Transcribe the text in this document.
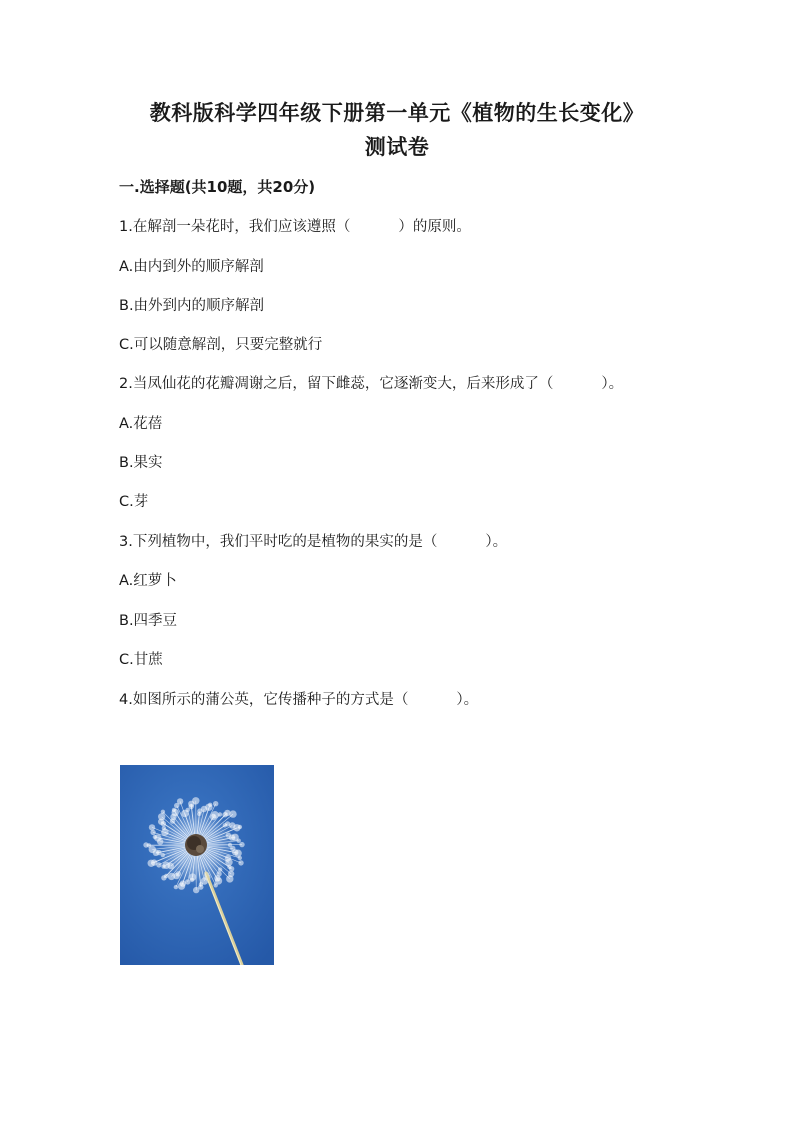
教科版科学四年级下册第一单元《植物的生长变化》
测试卷
一.选择题(共10题，共20分)
1.在解剖一朵花时，我们应该遵照（	）的原则。
A.由内到外的顺序解剖
B.由外到内的顺序解剖
C.可以随意解剖，只要完整就行
2.当凤仙花的花瓣凋谢之后，留下雌蕊，它逐渐变大，后来形成了（	）。
A.花蓓
B.果实
C.芽
3.下列植物中，我们平时吃的是植物的果实的是（	）。
A.红萝卜
B.四季豆
C.甘蔗
4.如图所示的蒲公英，它传播种子的方式是（	）。
